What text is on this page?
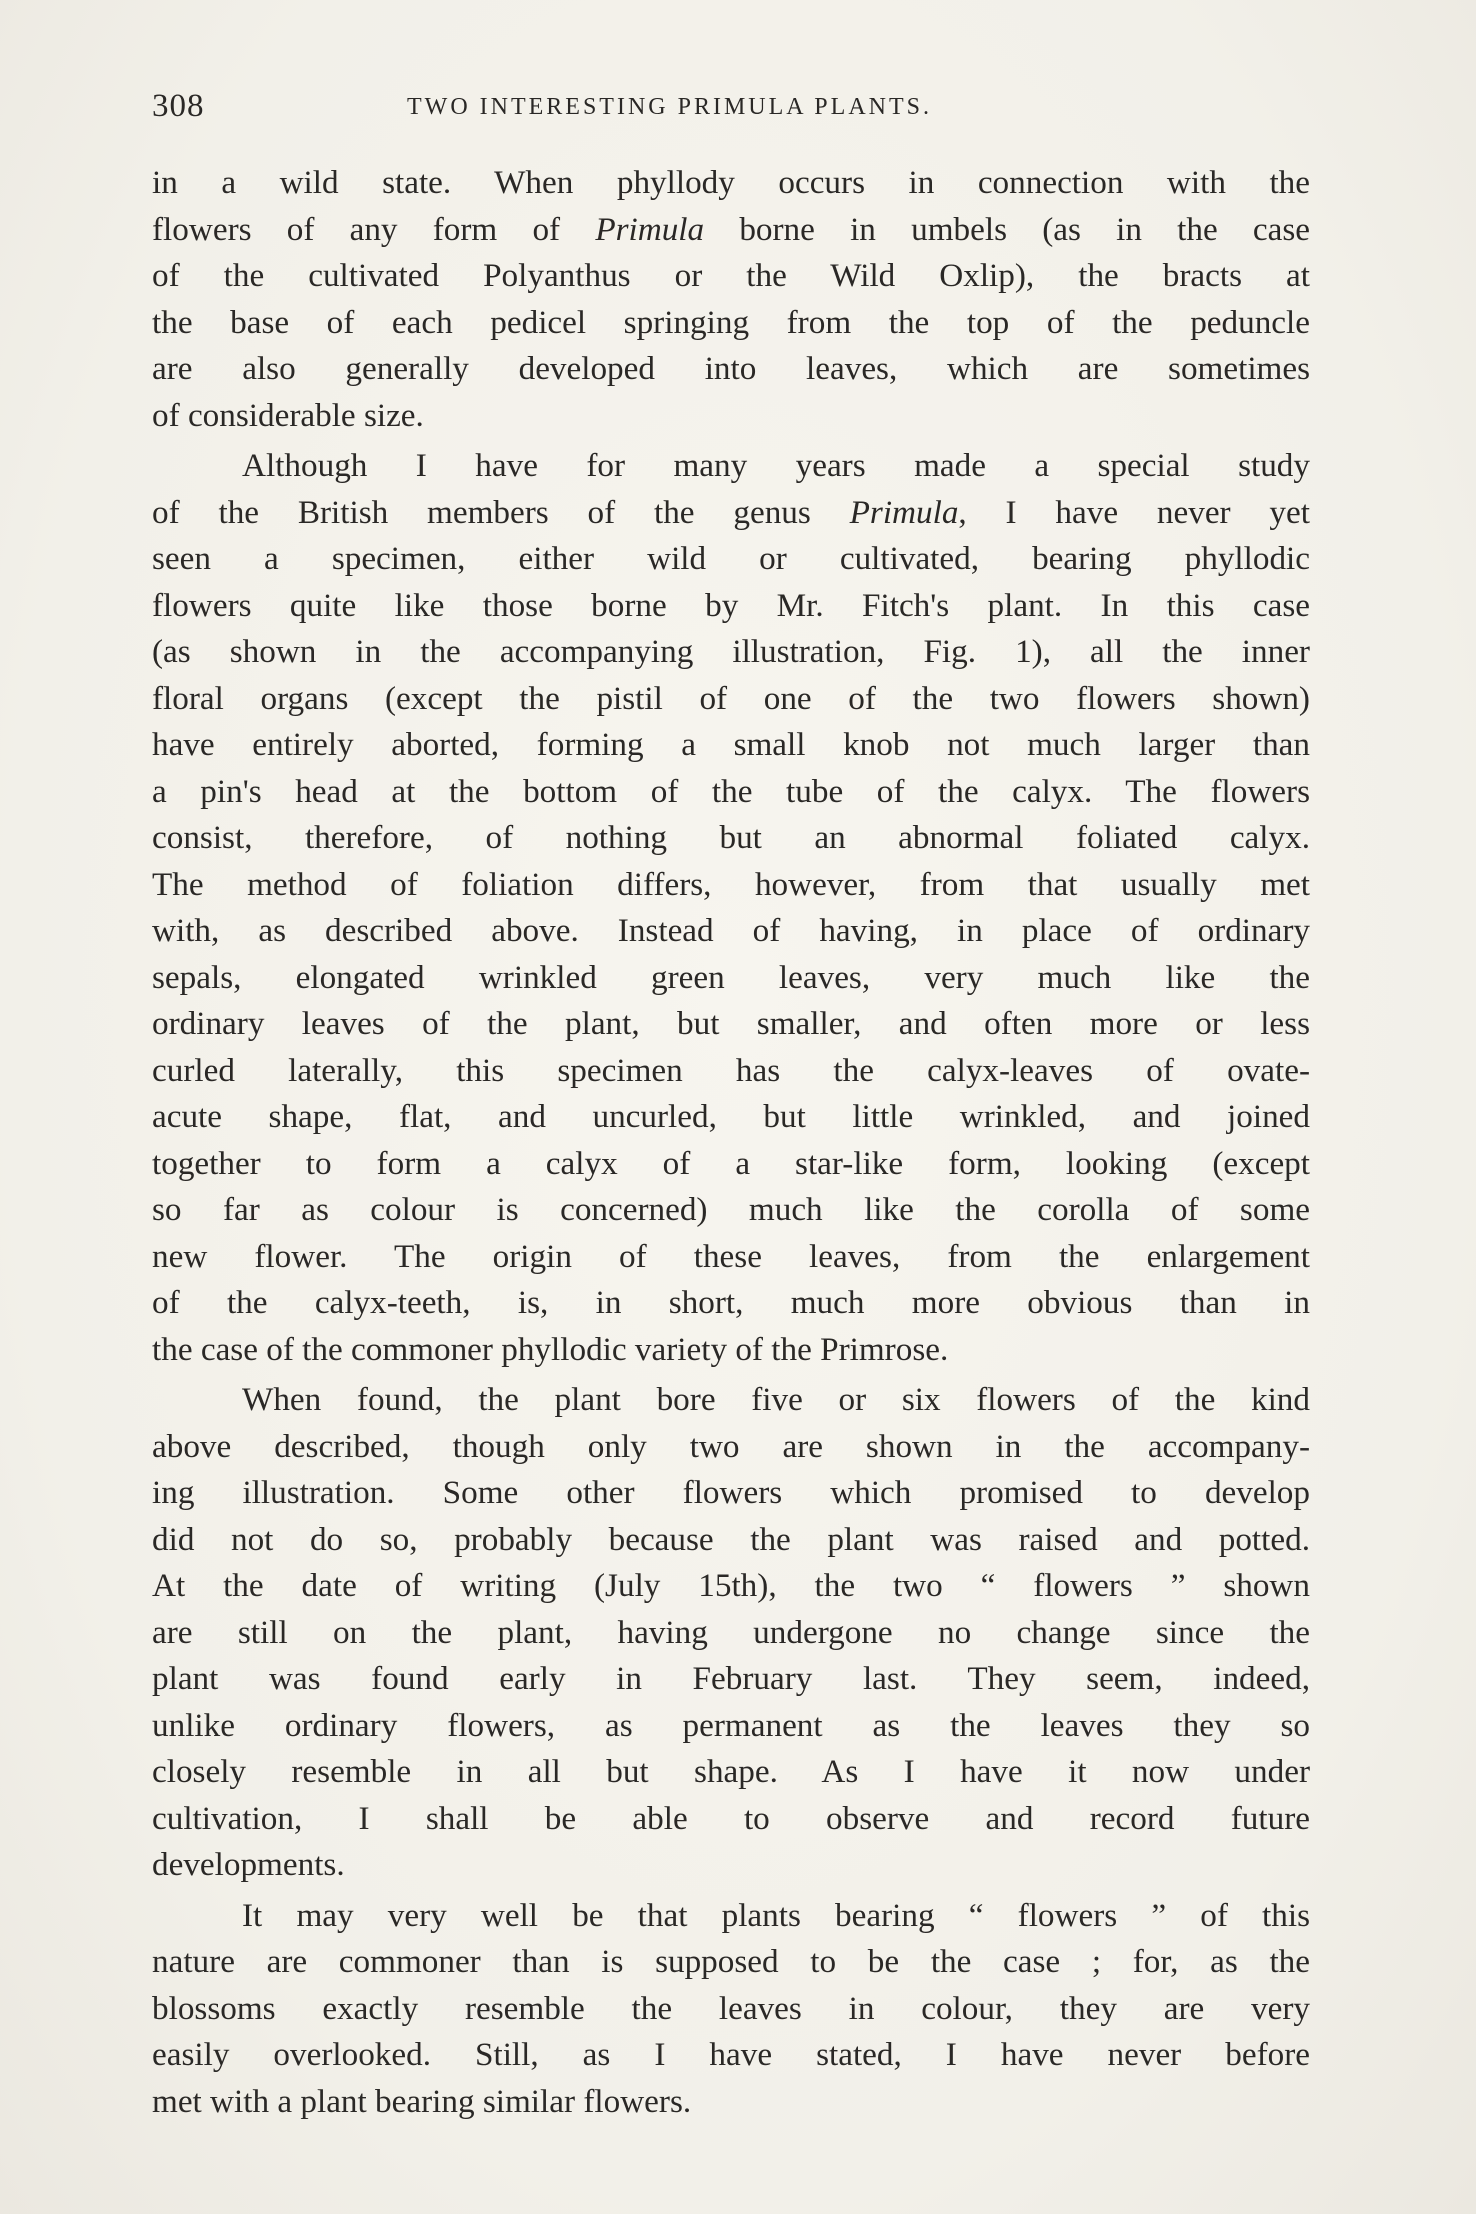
308	TWO INTERESTING PRIMULA PLANTS.
in a wild state. When phyllody occurs in connection with the
flowers of any form of Primula borne in umbels (as in the case
of the cultivated Polyanthus or the Wild Oxlip), the bracts at
the base of each pedicel springing from the top of the peduncle
are also generally developed into leaves, which are sometimes
of considerable size.
Although I have for many years made a special study
of the British members of the genus Primula, I have never yet
seen a specimen, either wild or cultivated, bearing phyllodic
flowers quite like those borne by Mr. Fitch's plant. In this case
(as shown in the accompanying illustration, Fig. 1), all the inner
floral organs (except the pistil of one of the two flowers shown)
have entirely aborted, forming a small knob not much larger than
a pin's head at the bottom of the tube of the calyx. The flowers
consist, therefore, of nothing but an abnormal foliated calyx.
The method of foliation differs, however, from that usually met
with, as described above. Instead of having, in place of ordinary
sepals, elongated wrinkled green leaves, very much like the
ordinary leaves of the plant, but smaller, and often more or less
curled laterally, this specimen has the calyx-leaves of ovate-
acute shape, flat, and uncurled, but little wrinkled, and joined
together to form a calyx of a star-like form, looking (except
so far as colour is concerned) much like the corolla of some
new flower. The origin of these leaves, from the enlargement
of the calyx-teeth, is, in short, much more obvious than in
the case of the commoner phyllodic variety of the Primrose.
When found, the plant bore five or six flowers of the kind
above described, though only two are shown in the accompany-
ing illustration. Some other flowers which promised to develop
did not do so, probably because the plant was raised and potted.
At the date of writing (July 15th), the two “ flowers ” shown
are still on the plant, having undergone no change since the
plant was found early in February last. They seem, indeed,
unlike ordinary flowers, as permanent as the leaves they so
closely resemble in all but shape. As I have it now under
cultivation, I shall be able to observe and record future
developments.
It may very well be that plants bearing “ flowers ” of this
nature are commoner than is supposed to be the case ; for, as the
blossoms exactly resemble the leaves in colour, they are very
easily overlooked. Still, as I have stated, I have never before
met with a plant bearing similar flowers.
